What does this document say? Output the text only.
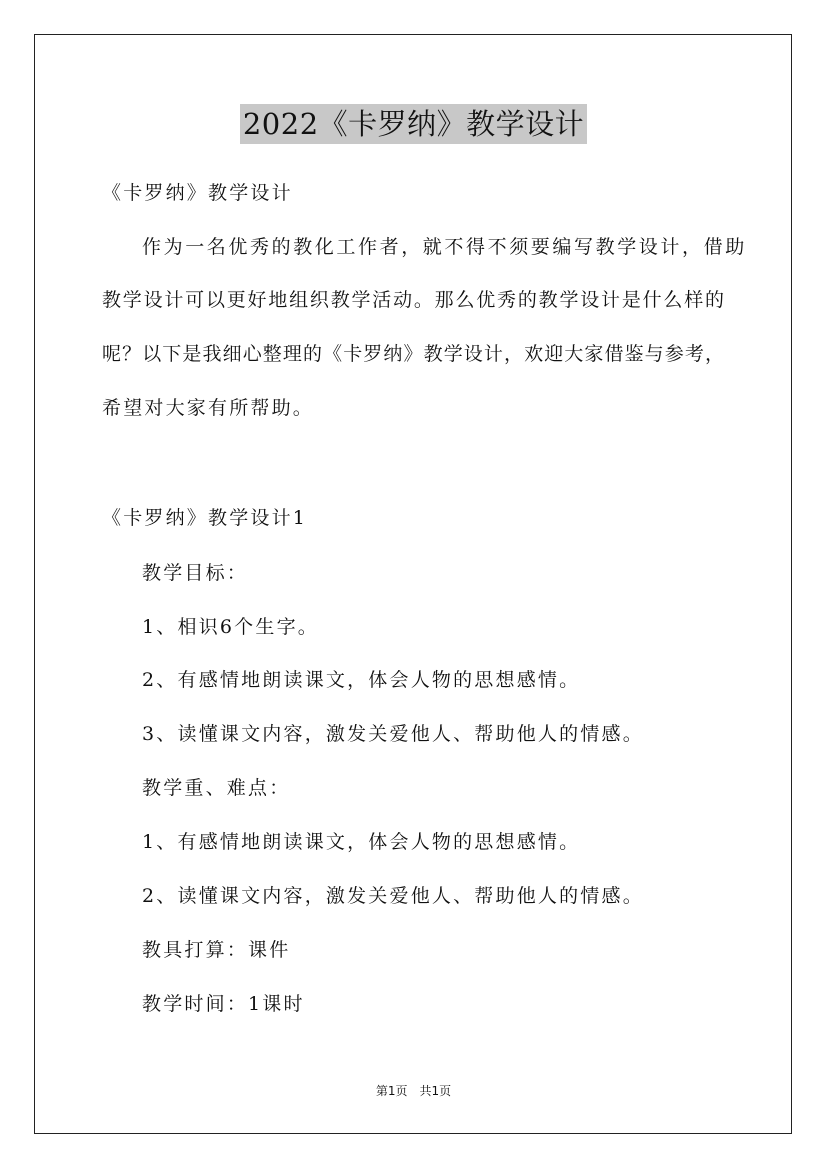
2022《卡罗纳》教学设计
《卡罗纳》教学设计
作为一名优秀的教化工作者，就不得不须要编写教学设计，借助
教学设计可以更好地组织教学活动。那么优秀的教学设计是什么样的
呢？以下是我细心整理的《卡罗纳》教学设计，欢迎大家借鉴与参考，
希望对大家有所帮助。
《卡罗纳》教学设计1
教学目标：
1、相识6个生字。
2、有感情地朗读课文，体会人物的思想感情。
3、读懂课文内容，激发关爱他人、帮助他人的情感。
教学重、难点：
1、有感情地朗读课文，体会人物的思想感情。
2、读懂课文内容，激发关爱他人、帮助他人的情感。
教具打算：课件
教学时间：1课时
第1页　共1页
